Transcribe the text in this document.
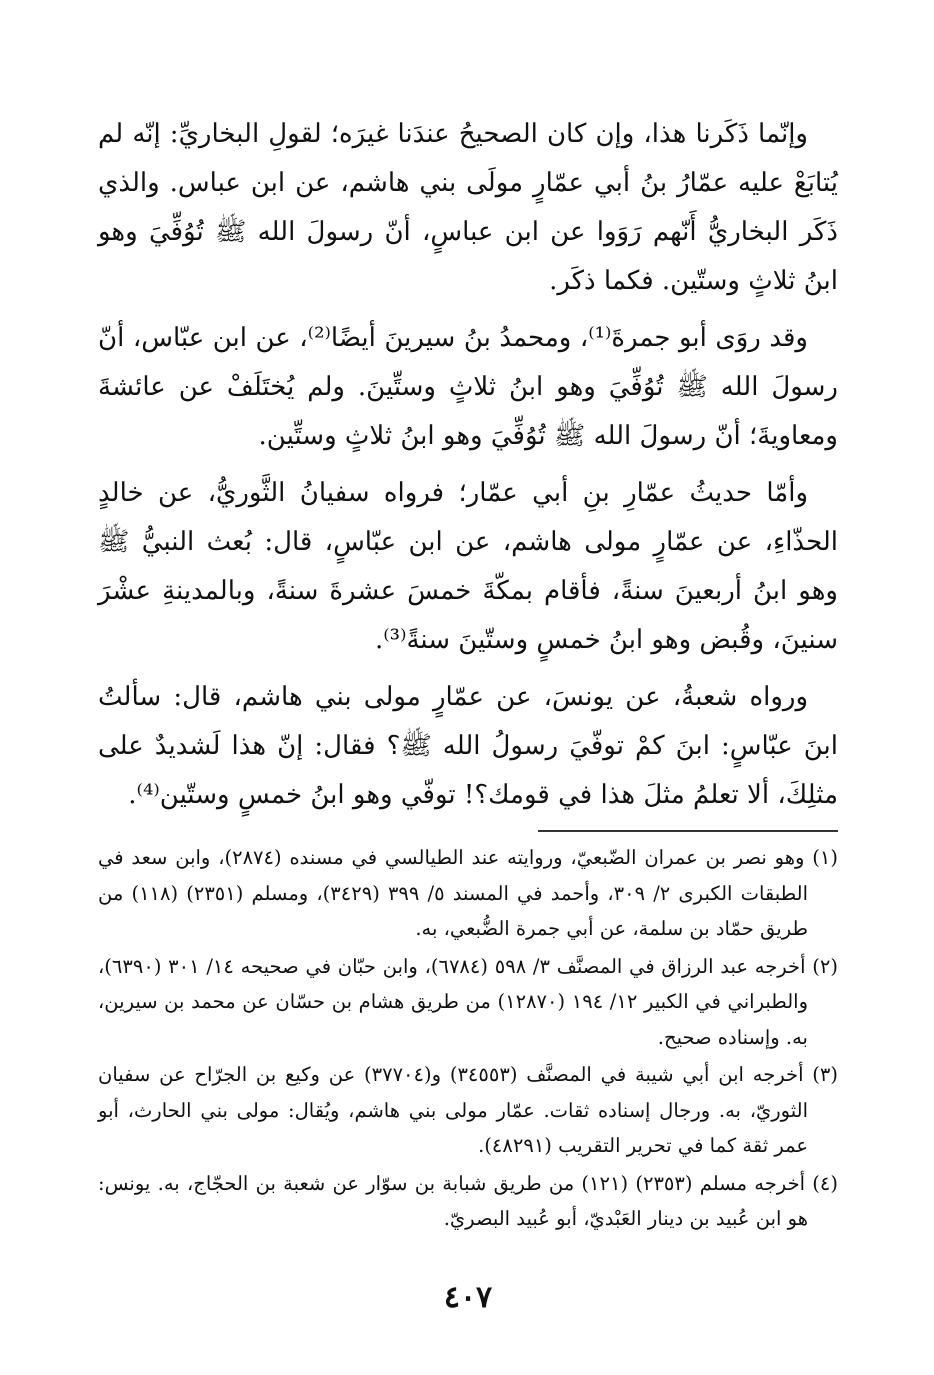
وإنّما ذَكَرنا هذا، وإن كان الصحيحُ عندَنا غيرَه؛ لقولِ البخاريِّ: إنّه لم يُتابَعْ عليه عمّارُ بنُ أبي عمّارٍ مولَى بني هاشم، عن ابن عباس. والذي ذَكَر البخاريُّ أَنّهم رَوَوا عن ابن عباسٍ، أنّ رسولَ الله ﷺ تُوُفِّيَ وهو ابنُ ثلاثٍ وستّين. فكما ذكَر.

وقد روَى أبو جمرةَ⁽¹⁾، ومحمدُ بنُ سيرينَ أيضًا⁽²⁾، عن ابن عبّاس، أنّ رسولَ الله ﷺ تُوُفِّيَ وهو ابنُ ثلاثٍ وستِّينَ. ولم يُختَلَفْ عن عائشةَ ومعاويةَ؛ أنّ رسولَ الله ﷺ تُوُفِّيَ وهو ابنُ ثلاثٍ وستِّين.

وأمّا حديثُ عمّارِ بنِ أبي عمّار؛ فرواه سفيانُ الثَّوريُّ، عن خالدٍ الحذّاءِ، عن عمّارٍ مولى هاشم، عن ابن عبّاسٍ، قال: بُعث النبيُّ ﷺ وهو ابنُ أربعينَ سنةً، فأقام بمكّةَ خمسَ عشرةَ سنةً، وبالمدينةِ عشْرَ سنينَ، وقُبض وهو ابنُ خمسٍ وستّينَ سنةً⁽³⁾.

ورواه شعبةُ، عن يونسَ، عن عمّارٍ مولى بني هاشم، قال: سألتُ ابنَ عبّاسٍ: ابنَ كمْ توفّيَ رسولُ الله ﷺ؟ فقال: إنّ هذا لَشديدٌ على مثلِكَ، ألا تعلمُ مثلَ هذا في قومك؟! توفّي وهو ابنُ خمسٍ وستّين⁽⁴⁾.

(١) وهو نصر بن عمران الضّبعيّ، وروايته عند الطيالسي في مسنده (٢٨٧٤)، وابن سعد في الطبقات الكبرى ٢/ ٣٠٩، وأحمد في المسند ٥/ ٣٩٩ (٣٤٢٩)، ومسلم (٢٣٥١) (١١٨) من طريق حمّاد بن سلمة، عن أبي جمرة الضُّبعي، به.

(٢) أخرجه عبد الرزاق في المصنَّف ٣/ ٥٩٨ (٦٧٨٤)، وابن حبّان في صحيحه ١٤/ ٣٠١ (٦٣٩٠)، والطبراني في الكبير ١٢/ ١٩٤ (١٢٨٧٠) من طريق هشام بن حسّان عن محمد بن سيرين، به. وإسناده صحيح.

(٣) أخرجه ابن أبي شيبة في المصنَّف (٣٤٥٥٣) و(٣٧٧٠٤) عن وكيع بن الجرّاح عن سفيان الثوريّ، به. ورجال إسناده ثقات. عمّار مولى بني هاشم، ويُقال: مولى بني الحارث، أبو عمر ثقة كما في تحرير التقريب (٤٨٢٩١).

(٤) أخرجه مسلم (٢٣٥٣) (١٢١) من طريق شبابة بن سوّار عن شعبة بن الحجّاج، به. يونس: هو ابن عُبيد بن دينار العَبْديّ، أبو عُبيد البصريّ.

٤٠٧
